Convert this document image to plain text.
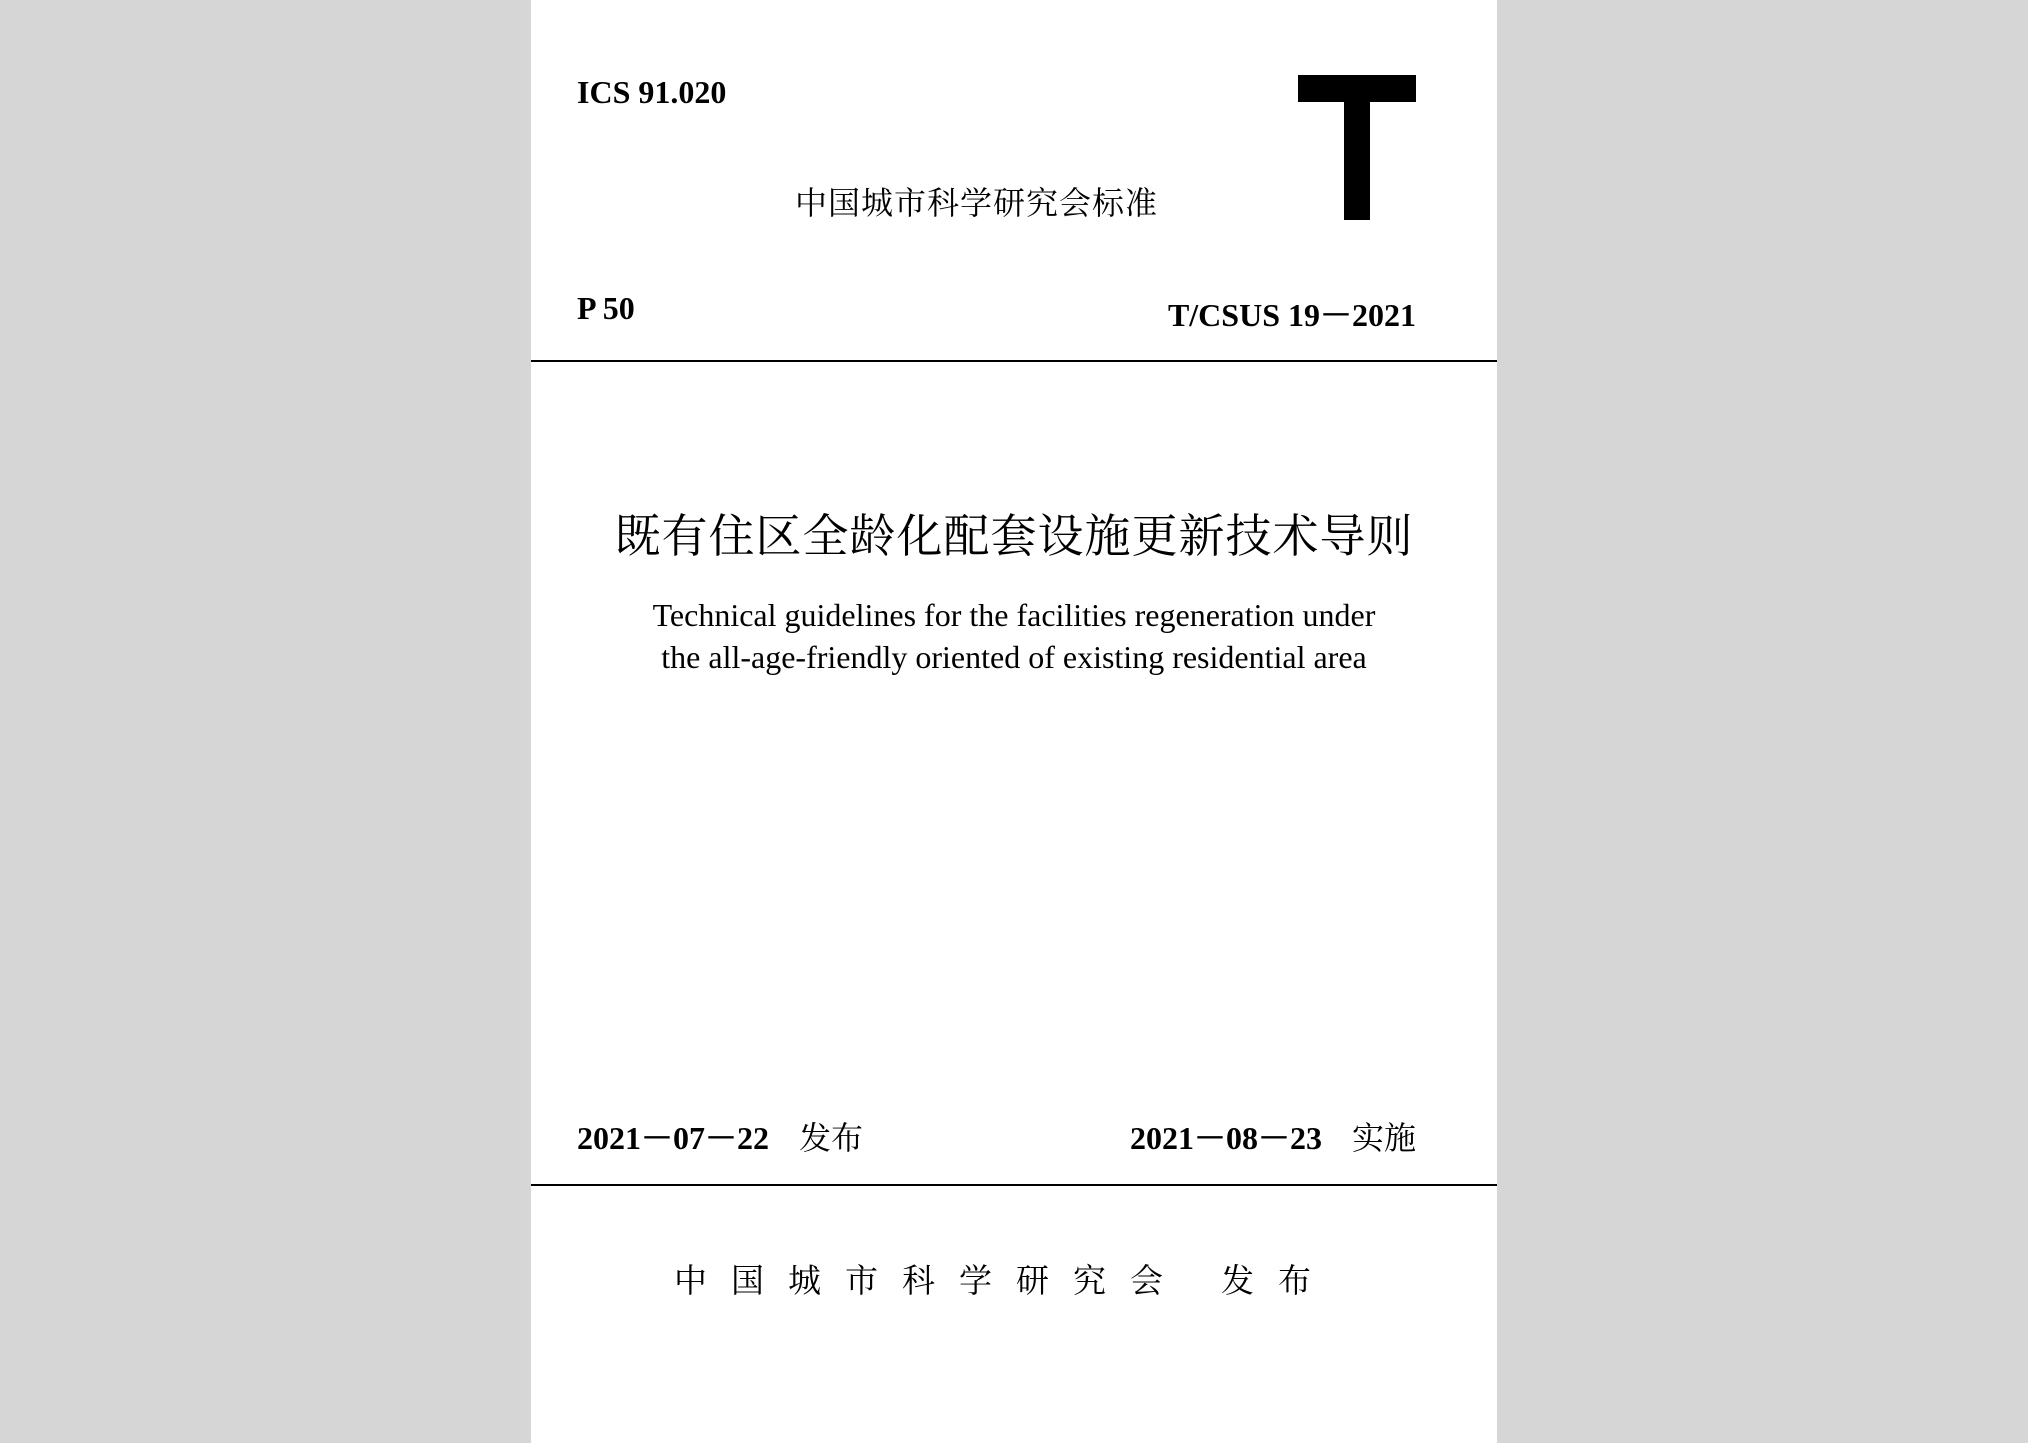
ICS 91.020
中国城市科学研究会标准
P 50	T/CSUS 19－2021
既有住区全龄化配套设施更新技术导则
Technical guidelines for the facilities regeneration under
the all-age-friendly oriented of existing residential area
2021－07－22 发布	2021－08－23 实施
中国城市科学研究会 发布
